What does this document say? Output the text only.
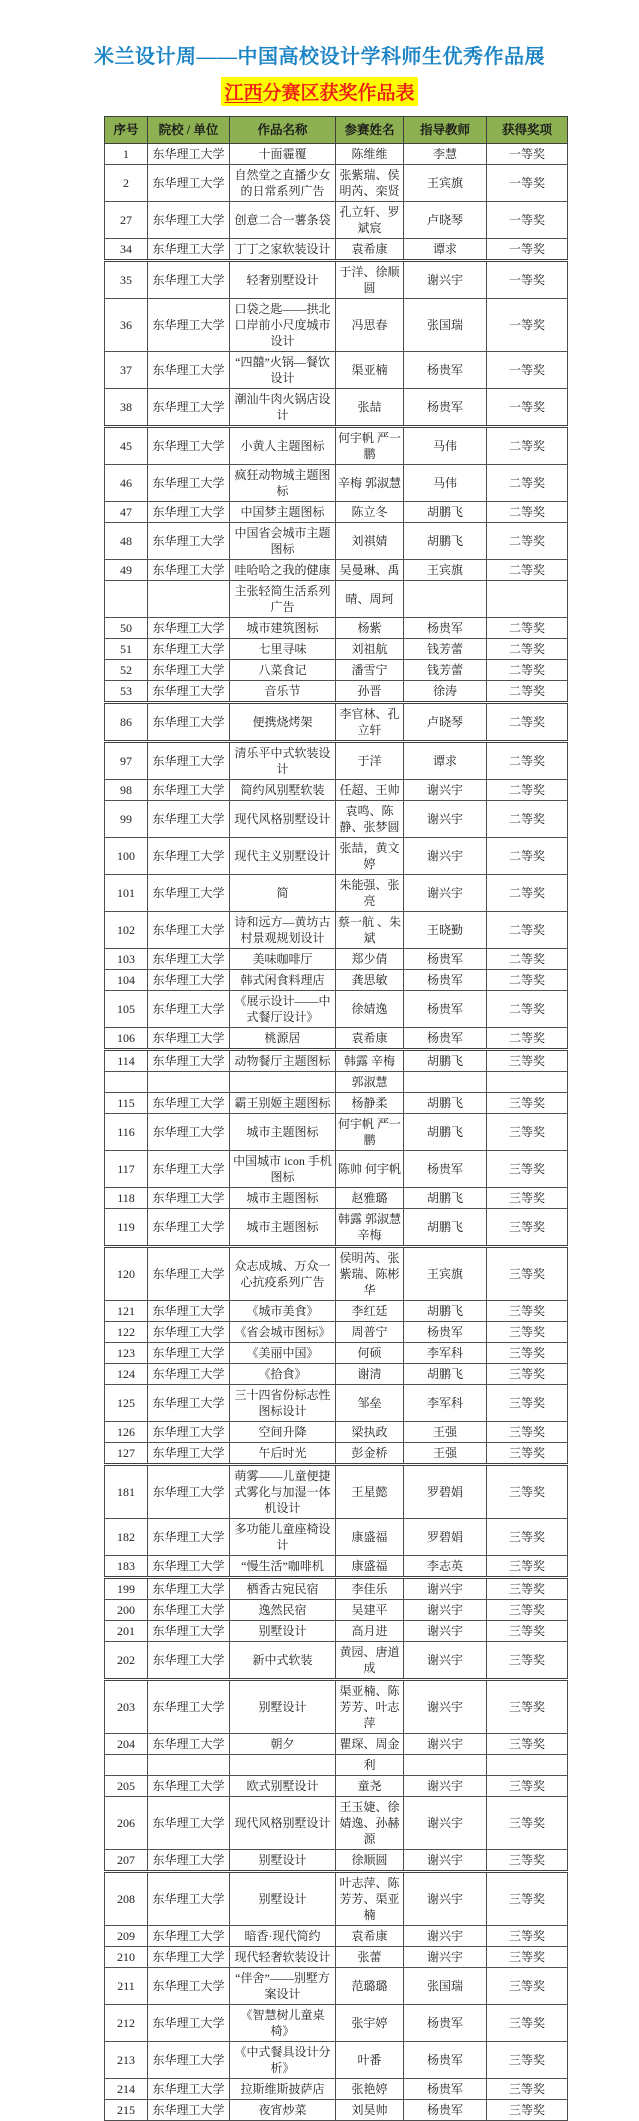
米兰设计周——中国高校设计学科师生优秀作品展
江西分赛区获奖作品表
序号	院校 / 单位	作品名称	参赛姓名	指导教师	获得奖项
1	东华理工大学	十面霾覆	陈维维	李慧	一等奖
2	东华理工大学	自然堂之直播少女的日常系列广告	张紫瑞、侯明芮、栾贤	王宾旗	一等奖
27	东华理工大学	创意二合一薯条袋	孔立轩、罗斌宸	卢晓琴	一等奖
34	东华理工大学	丁丁之家软装设计	袁希康	谭求	一等奖
35	东华理工大学	轻奢别墅设计	于洋、徐顺圆	谢兴宇	一等奖
36	东华理工大学	口袋之匙——拱北口岸前小尺度城市设计	冯思春	张国瑞	一等奖
37	东华理工大学	“四囍”火锅—餐饮设计	渠亚楠	杨贵军	一等奖
38	东华理工大学	潮汕牛肉火锅店设计	张喆	杨贵军	一等奖
45	东华理工大学	小黄人主题图标	何宇帆 严一鹏	马伟	二等奖
46	东华理工大学	疯狂动物城主题图标	辛梅 郭淑慧	马伟	二等奖
47	东华理工大学	中国梦主题图标	陈立冬	胡鹏飞	二等奖
48	东华理工大学	中国省会城市主题图标	刘祺婧	胡鹏飞	二等奖
49	东华理工大学	哇哈哈之我的健康	吴曼琳、禹	王宾旗	二等奖
		主张轻简生活系列广告	晴、周珂		
50	东华理工大学	城市建筑图标	杨紫	杨贵军	二等奖
51	东华理工大学	七里寻味	刘祖航	钱芳蕾	二等奖
52	东华理工大学	八菜食记	潘雪宁	钱芳蕾	二等奖
53	东华理工大学	音乐节	孙晋	徐涛	二等奖
86	东华理工大学	便携烧烤架	李官林、孔立轩	卢晓琴	二等奖
97	东华理工大学	清乐平中式软装设计	于洋	谭求	二等奖
98	东华理工大学	简约风别墅软装	任超、王帅	谢兴宇	二等奖
99	东华理工大学	现代风格别墅设计	袁鸣、陈静、张梦圆	谢兴宇	二等奖
100	东华理工大学	现代主义别墅设计	张喆，黄文婷	谢兴宇	二等奖
101	东华理工大学	简	朱能强、张亮	谢兴宇	二等奖
102	东华理工大学	诗和远方—黄坊古村景观规划设计	蔡一航 、朱斌	王晓勤	二等奖
103	东华理工大学	美味咖啡厅	郑少倩	杨贵军	二等奖
104	东华理工大学	韩式闲食料理店	龚思敏	杨贵军	二等奖
105	东华理工大学	《展示设计——中式餐厅设计》	徐婧逸	杨贵军	二等奖
106	东华理工大学	桃源居	袁希康	杨贵军	二等奖
114	东华理工大学	动物餐厅主题图标	韩露 辛梅	胡鹏飞	三等奖
			郭淑慧		
115	东华理工大学	霸王别姬主题图标	杨静柔	胡鹏飞	三等奖
116	东华理工大学	城市主题图标	何宇帆 严一鹏	胡鹏飞	三等奖
117	东华理工大学	中国城市 icon 手机图标	陈帅 何宇帆	杨贵军	三等奖
118	东华理工大学	城市主题图标	赵雅璐	胡鹏飞	三等奖
119	东华理工大学	城市主题图标	韩露 郭淑慧 辛梅	胡鹏飞	三等奖
120	东华理工大学	众志成城、万众一心抗疫系列广告	侯明芮、张紫瑞、陈彬华	王宾旗	三等奖
121	东华理工大学	《城市美食》	李红廷	胡鹏飞	三等奖
122	东华理工大学	《省会城市图标》	周普宁	杨贵军	三等奖
123	东华理工大学	《美丽中国》	何硕	李军科	三等奖
124	东华理工大学	《拾食》	谢清	胡鹏飞	三等奖
125	东华理工大学	三十四省份标志性图标设计	邹垒	李军科	三等奖
126	东华理工大学	空间升降	梁执政	王强	三等奖
127	东华理工大学	午后时光	彭金桥	王强	三等奖
181	东华理工大学	萌雾——儿童便捷式雾化与加湿一体机设计	王星懿	罗碧娟	三等奖
182	东华理工大学	多功能儿童座椅设计	康盛福	罗碧娟	三等奖
183	东华理工大学	“慢生活”咖啡机	康盛福	李志英	三等奖
199	东华理工大学	栖香古宛民宿	李佳乐	谢兴宇	三等奖
200	东华理工大学	逸然民宿	吴建平	谢兴宇	三等奖
201	东华理工大学	别墅设计	高月进	谢兴宇	三等奖
202	东华理工大学	新中式软装	黄园、唐道成	谢兴宇	三等奖
203	东华理工大学	别墅设计	渠亚楠、陈芳芳、叶志萍	谢兴宇	三等奖
204	东华理工大学	朝夕	瞿琛、周金	谢兴宇	三等奖
			利		
205	东华理工大学	欧式别墅设计	童尧	谢兴宇	三等奖
206	东华理工大学	现代风格别墅设计	王玉婕、徐婧逸、孙赫源	谢兴宇	三等奖
207	东华理工大学	别墅设计	徐顺圆	谢兴宇	三等奖
208	东华理工大学	别墅设计	叶志萍、陈芳芳、渠亚楠	谢兴宇	三等奖
209	东华理工大学	暗香·现代简约	袁希康	谢兴宇	三等奖
210	东华理工大学	现代轻奢软装设计	张蕾	谢兴宇	三等奖
211	东华理工大学	“伴舍”——别墅方案设计	范璐璐	张国瑞	三等奖
212	东华理工大学	《智慧树儿童桌椅》	张宇婷	杨贵军	三等奖
213	东华理工大学	《中式餐具设计分析》	叶番	杨贵军	三等奖
214	东华理工大学	拉斯维斯披萨店	张艳婷	杨贵军	三等奖
215	东华理工大学	夜宵炒菜	刘昊帅	杨贵军	三等奖
